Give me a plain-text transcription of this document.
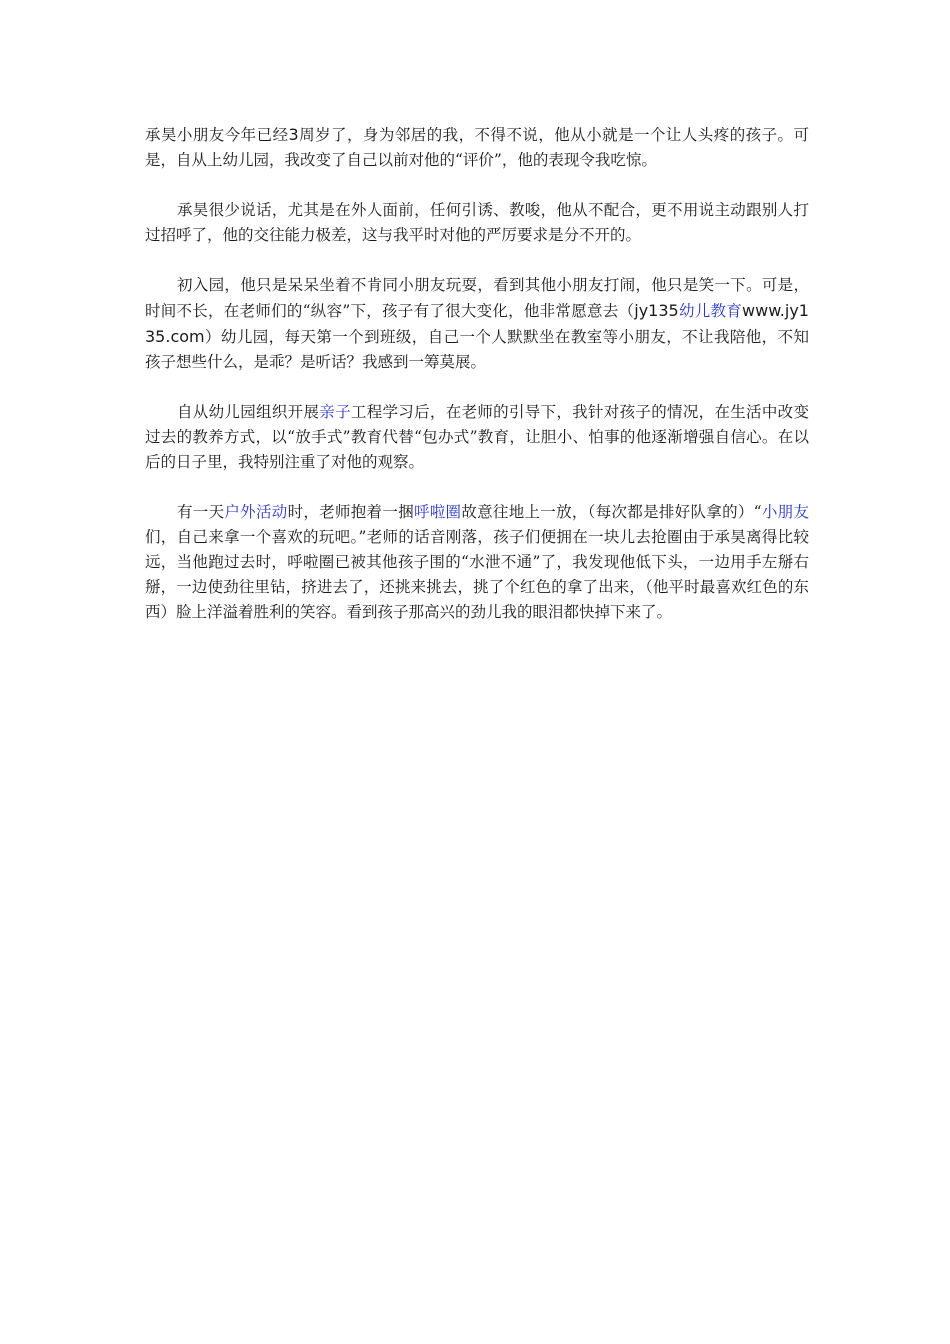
承昊小朋友今年已经3周岁了，身为邻居的我，不得不说，他从小就是一个让人头疼的孩子。可是，自从上幼儿园，我改变了自己以前对他的“评价”，他的表现令我吃惊。

承昊很少说话，尤其是在外人面前，任何引诱、教唆，他从不配合，更不用说主动跟别人打过招呼了，他的交往能力极差，这与我平时对他的严厉要求是分不开的。

初入园，他只是呆呆坐着不肯同小朋友玩耍，看到其他小朋友打闹，他只是笑一下。可是，时间不长，在老师们的“纵容”下，孩子有了很大变化，他非常愿意去（jy135幼儿教育www.jy135.com）幼儿园，每天第一个到班级，自己一个人默默坐在教室等小朋友，不让我陪他，不知孩子想些什么，是乖？是听话？我感到一筹莫展。

自从幼儿园组织开展亲子工程学习后，在老师的引导下，我针对孩子的情况，在生活中改变过去的教养方式，以“放手式”教育代替“包办式”教育，让胆小、怕事的他逐渐增强自信心。在以后的日子里，我特别注重了对他的观察。

有一天户外活动时，老师抱着一捆呼啦圈故意往地上一放，（每次都是排好队拿的）“小朋友们，自己来拿一个喜欢的玩吧。”老师的话音刚落，孩子们便拥在一块儿去抢圈由于承昊离得比较远，当他跑过去时，呼啦圈已被其他孩子围的“水泄不通”了，我发现他低下头，一边用手左掰右掰，一边使劲往里钻，挤进去了，还挑来挑去，挑了个红色的拿了出来，（他平时最喜欢红色的东西）脸上洋溢着胜利的笑容。看到孩子那高兴的劲儿我的眼泪都快掉下来了。
